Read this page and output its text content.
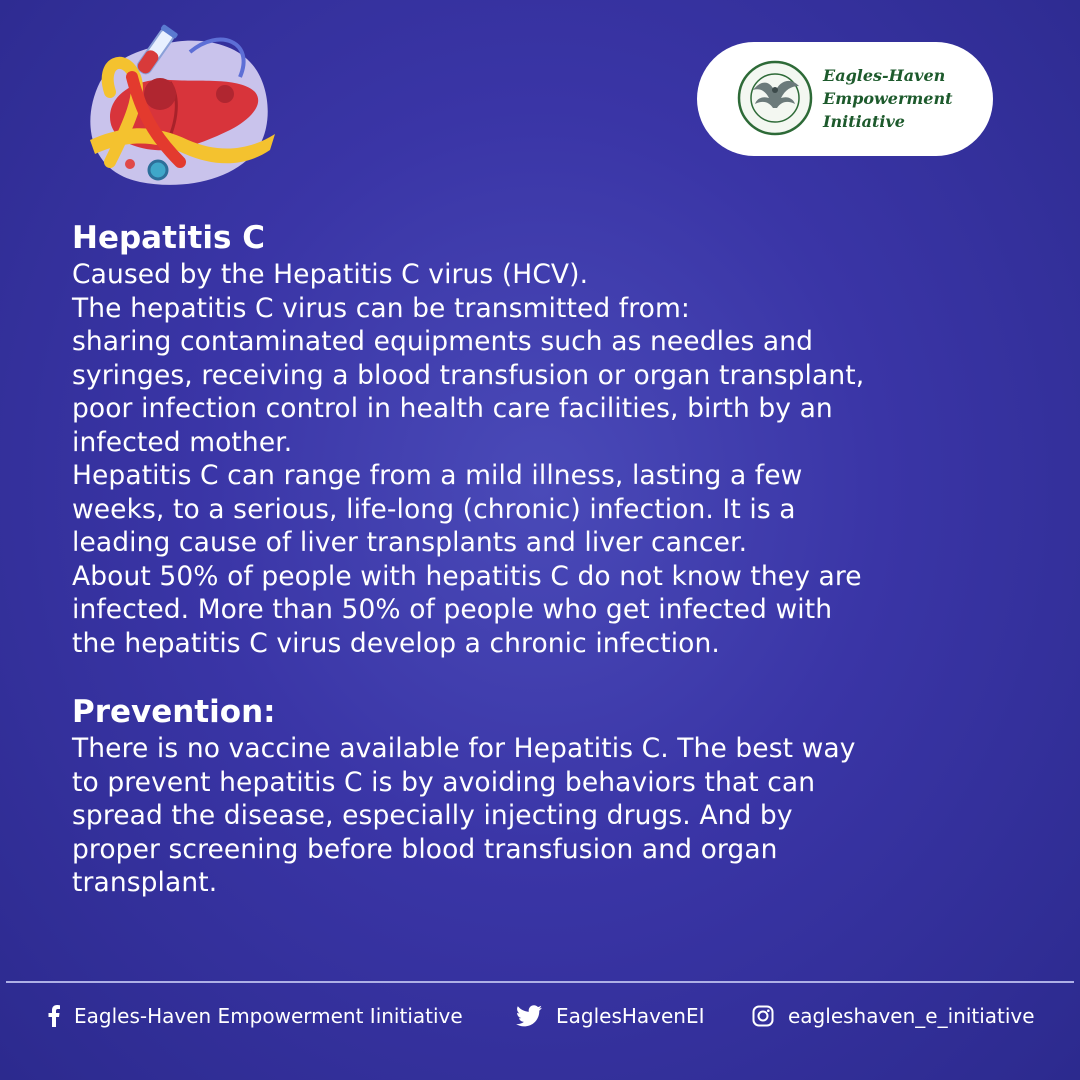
Eagles-Haven
Empowerment
Initiative
Hepatitis C

Caused by the Hepatitis C virus (HCV).

The hepatitis C virus can be transmitted from:

sharing contaminated equipments such as needles and

syringes, receiving a blood transfusion or organ transplant,

poor infection control in health care facilities, birth by an

infected mother.

Hepatitis C can range from a mild illness, lasting a few

weeks, to a serious, life-long (chronic) infection. It is a

leading cause of liver transplants and liver cancer.

About 50% of people with hepatitis C do not know they are

infected. More than 50% of people who get infected with

the hepatitis C virus develop a chronic infection.

Prevention:

There is no vaccine available for Hepatitis C. The best way

to prevent hepatitis C is by avoiding behaviors that can

spread the disease, especially injecting drugs. And by

proper screening before blood transfusion and organ

transplant.

Eagles-Haven Empowerment Iinitiative	EaglesHavenEI	eagleshaven_e_initiative
